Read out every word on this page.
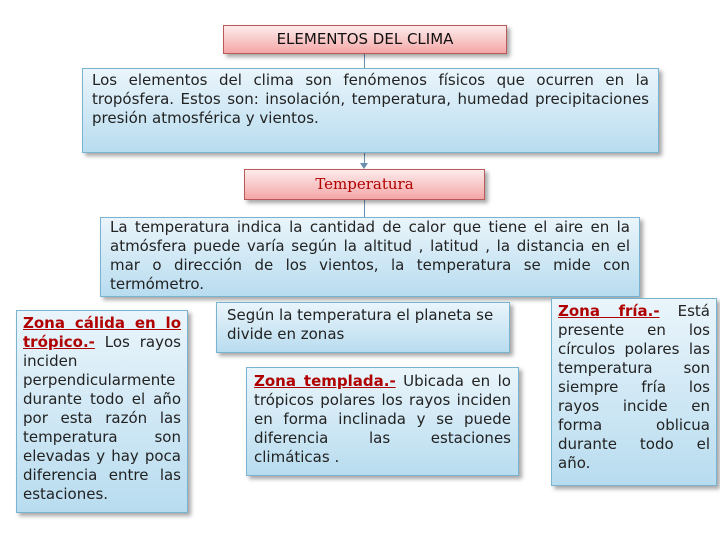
ELEMENTOS DEL CLIMA
Los elementos del clima son fenómenos físicos que ocurren en la tropósfera. Estos son: insolación, temperatura, humedad precipitaciones presión atmosférica y vientos.
Temperatura
La temperatura indica la cantidad de calor que tiene el aire en la atmósfera puede varía según la altitud , latitud , la distancia en el mar o dirección de los vientos, la temperatura se mide con termómetro.
Según la temperatura el planeta se divide en zonas
Zona cálida en lo trópico.- Los rayos inciden perpendicularmente durante todo el año por esta razón las temperatura son elevadas y hay poca diferencia entre las estaciones.
Zona templada.- Ubicada en lo trópicos polares los rayos inciden en forma inclinada y se puede diferencia las estaciones climáticas .
Zona fría.- Está presente en los círculos polares las temperatura son siempre fría los rayos incide en forma oblicua durante todo el año.
